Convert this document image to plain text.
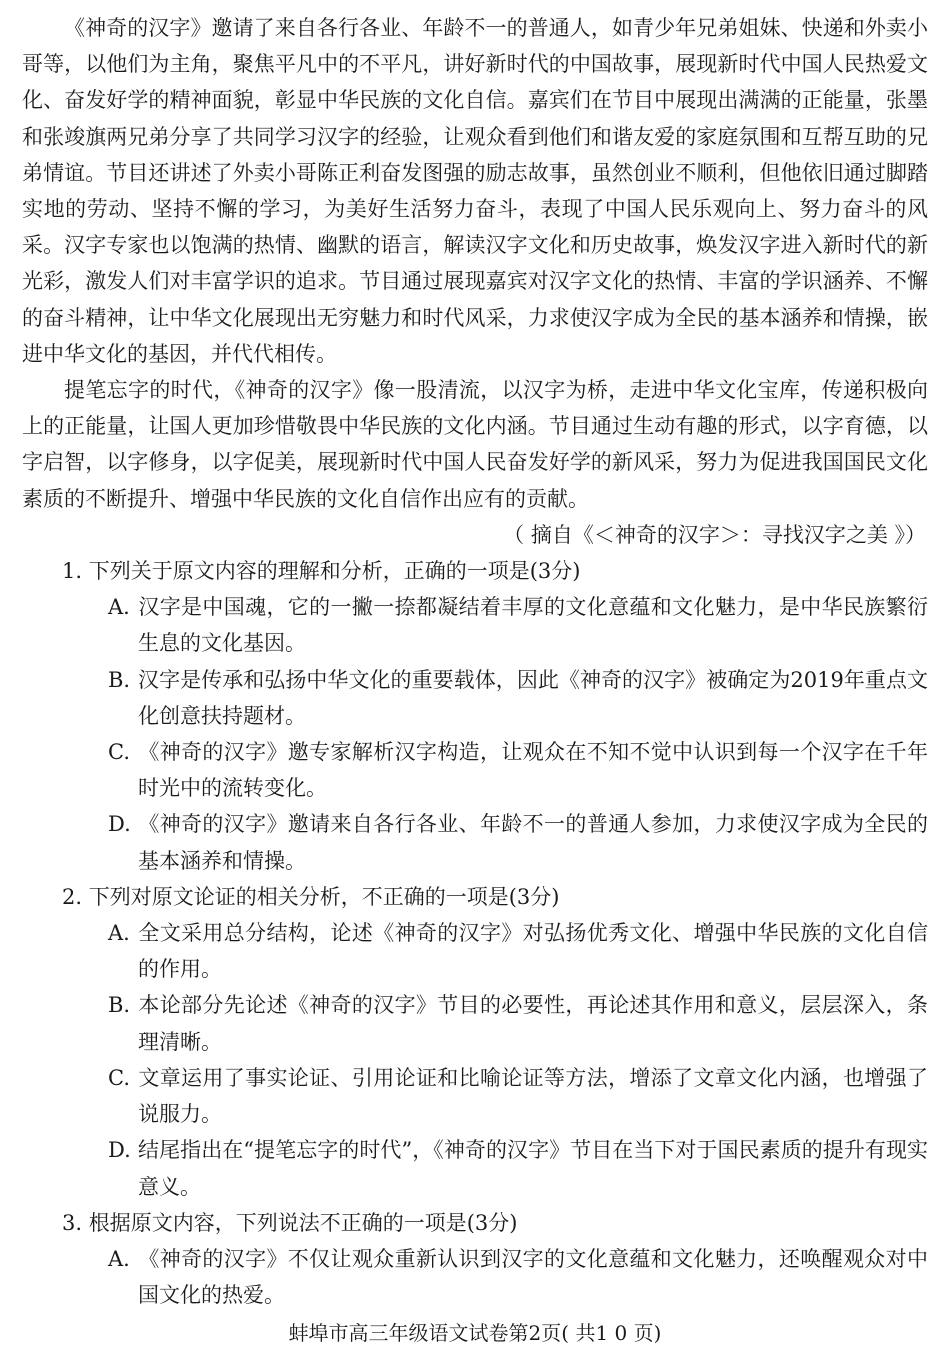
《神奇的汉字》邀请了来自各行各业、年龄不一的普通人，如青少年兄弟姐妹、快递和外卖小哥等，以他们为主角，聚焦平凡中的不平凡，讲好新时代的中国故事，展现新时代中国人民热爱文化、奋发好学的精神面貌，彰显中华民族的文化自信。嘉宾们在节目中展现出满满的正能量，张墨和张竣旗两兄弟分享了共同学习汉字的经验，让观众看到他们和谐友爱的家庭氛围和互帮互助的兄弟情谊。节目还讲述了外卖小哥陈正利奋发图强的励志故事，虽然创业不顺利，但他依旧通过脚踏实地的劳动、坚持不懈的学习，为美好生活努力奋斗，表现了中国人民乐观向上、努力奋斗的风采。汉字专家也以饱满的热情、幽默的语言，解读汉字文化和历史故事，焕发汉字进入新时代的新光彩，激发人们对丰富学识的追求。节目通过展现嘉宾对汉字文化的热情、丰富的学识涵养、不懈的奋斗精神，让中华文化展现出无穷魅力和时代风采，力求使汉字成为全民的基本涵养和情操，嵌进中华文化的基因，并代代相传。

提笔忘字的时代，《神奇的汉字》像一股清流，以汉字为桥，走进中华文化宝库，传递积极向上的正能量，让国人更加珍惜敬畏中华民族的文化内涵。节目通过生动有趣的形式，以字育德，以字启智，以字修身，以字促美，展现新时代中国人民奋发好学的新风采，努力为促进我国国民文化素质的不断提升、增强中华民族的文化自信作出应有的贡献。

（ 摘自《＜神奇的汉字＞：寻找汉字之美 》）

1. 下列关于原文内容的理解和分析，正确的一项是(3分)

A. 汉字是中国魂，它的一撇一捺都凝结着丰厚的文化意蕴和文化魅力，是中华民族繁衍生息的文化基因。

B. 汉字是传承和弘扬中华文化的重要载体，因此《神奇的汉字》被确定为2019年重点文化创意扶持题材。

C. 《神奇的汉字》邀专家解析汉字构造，让观众在不知不觉中认识到每一个汉字在千年时光中的流转变化。

D. 《神奇的汉字》邀请来自各行各业、年龄不一的普通人参加，力求使汉字成为全民的基本涵养和情操。

2. 下列对原文论证的相关分析，不正确的一项是(3分)

A. 全文采用总分结构，论述《神奇的汉字》对弘扬优秀文化、增强中华民族的文化自信的作用。

B. 本论部分先论述《神奇的汉字》节目的必要性，再论述其作用和意义，层层深入，条理清晰。

C. 文章运用了事实论证、引用论证和比喻论证等方法，增添了文章文化内涵，也增强了说服力。

D. 结尾指出在“提笔忘字的时代”，《神奇的汉字》节目在当下对于国民素质的提升有现实意义。

3. 根据原文内容，下列说法不正确的一项是(3分)

A. 《神奇的汉字》不仅让观众重新认识到汉字的文化意蕴和文化魅力，还唤醒观众对中国文化的热爱。

蚌埠市高三年级语文试卷第2页( 共1 0 页)
